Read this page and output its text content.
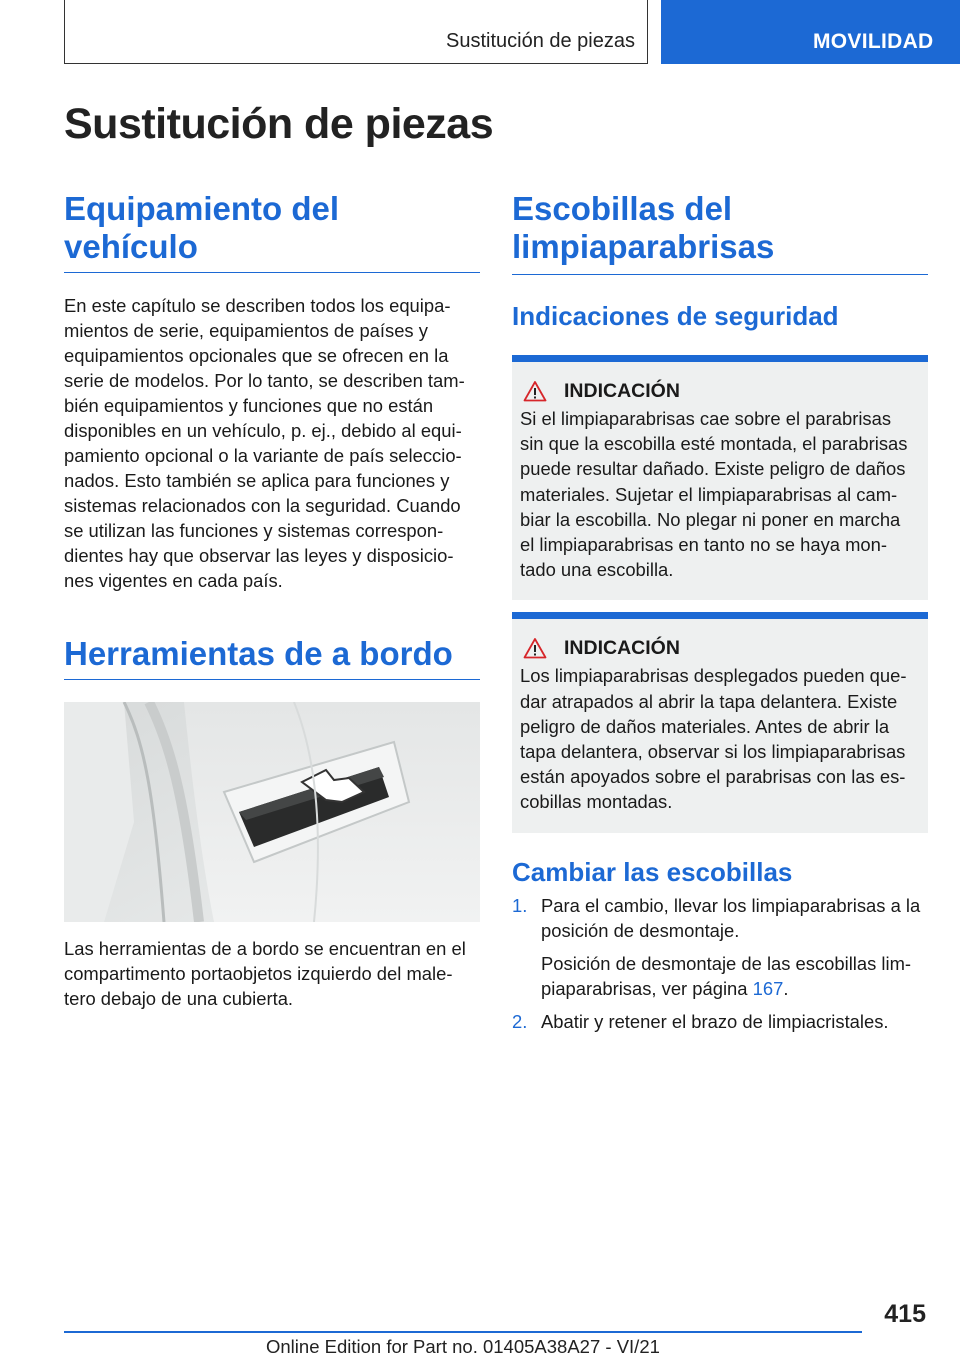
Sustitución de piezas	MOVILIDAD
Sustitución de piezas
Equipamiento del vehículo

En este capítulo se describen todos los equipa-

mientos de serie, equipamientos de países y

equipamientos opcionales que se ofrecen en la

serie de modelos. Por lo tanto, se describen tam-

bién equipamientos y funciones que no están

disponibles en un vehículo, p. ej., debido al equi-

pamiento opcional o la variante de país seleccio-

nados. Esto también se aplica para funciones y

sistemas relacionados con la seguridad. Cuando

se utilizan las funciones y sistemas correspon-

dientes hay que observar las leyes y disposicio-

nes vigentes en cada país.

Herramientas de a bordo

Las herramientas de a bordo se encuentran en el

compartimento portaobjetos izquierdo del male-

tero debajo de una cubierta.

Escobillas del
limpiaparabrisas
Indicaciones de seguridad
INDICACIÓN
Si el limpiaparabrisas cae sobre el parabrisas
sin que la escobilla esté montada, el parabrisas
puede resultar dañado. Existe peligro de daños
materiales. Sujetar el limpiaparabrisas al cam-
biar la escobilla. No plegar ni poner en marcha
el limpiaparabrisas en tanto no se haya mon-
tado una escobilla.
INDICACIÓN
Los limpiaparabrisas desplegados pueden que-
dar atrapados al abrir la tapa delantera. Existe
peligro de daños materiales. Antes de abrir la
tapa delantera, observar si los limpiaparabrisas
están apoyados sobre el parabrisas con las es-
cobillas montadas.
Cambiar las escobillas
1. Para el cambio, llevar los limpiaparabrisas a la
posición de desmontaje.
Posición de desmontaje de las escobillas lim-
piaparabrisas, ver página 167.
2. Abatir y retener el brazo de limpiacristales.
415
Online Edition for Part no. 01405A38A27 - VI/21
